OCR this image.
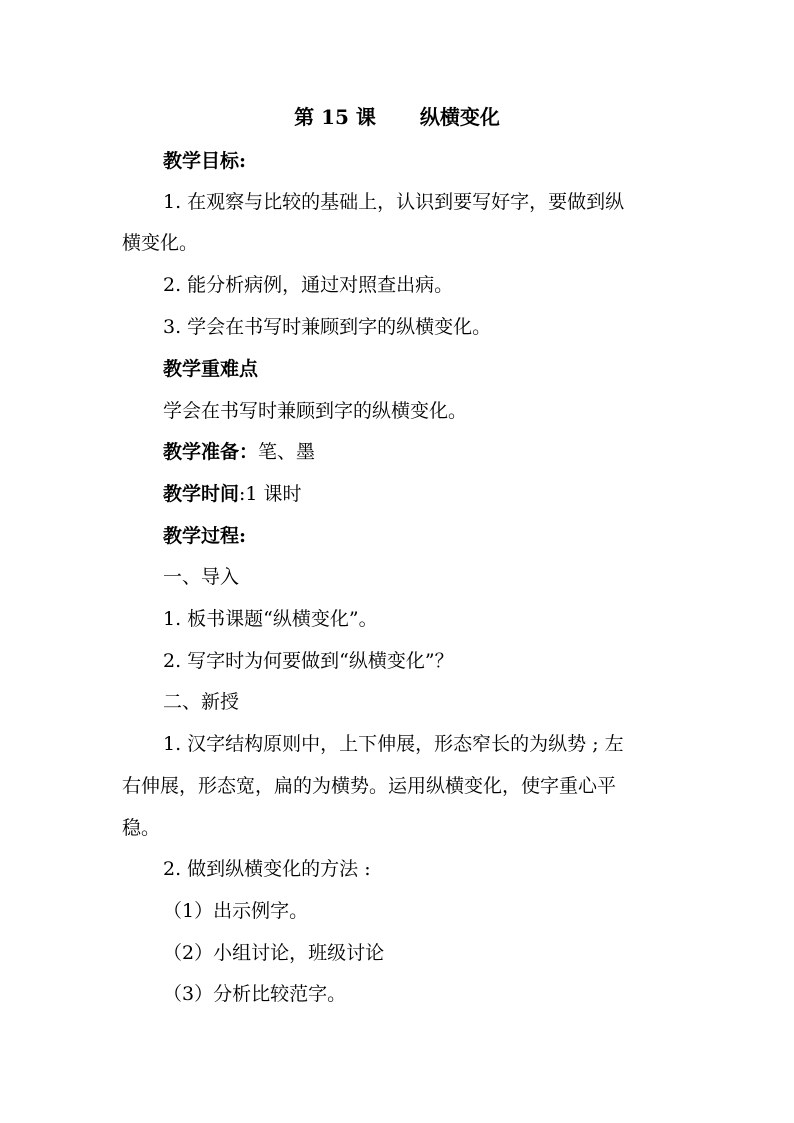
第 15 课 纵横变化
教学目标:
1. 在观察与比较的基础上，认识到要写好字，要做到纵
横变化。
2. 能分析病例，通过对照查出病。
3. 学会在书写时兼顾到字的纵横变化。
教学重难点
学会在书写时兼顾到字的纵横变化。
教学准备：笔、墨
教学时间:1 课时
教学过程:
一、导入
1. 板书课题“纵横变化”。
2. 写字时为何要做到“纵横变化”？
二、新授
1. 汉字结构原则中，上下伸展，形态窄长的为纵势 ; 左
右伸展，形态宽，扁的为横势。运用纵横变化，使字重心平
稳。
2. 做到纵横变化的方法 :
（1）出示例字。
（2）小组讨论，班级讨论
（3）分析比较范字。
